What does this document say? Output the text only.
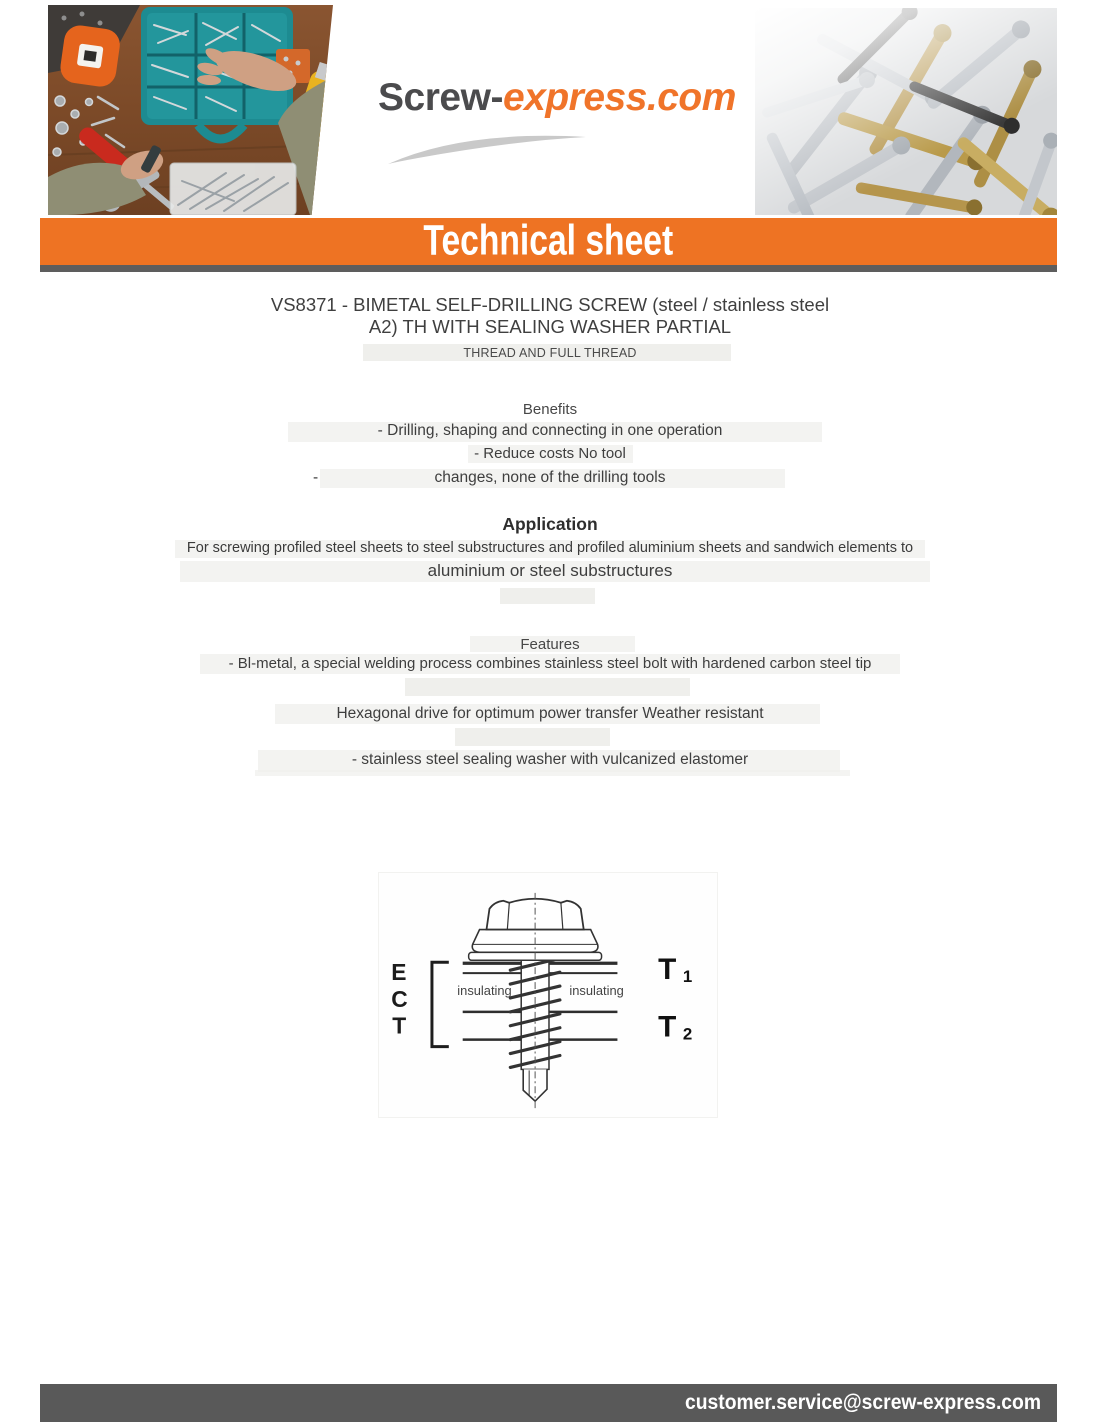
Screw-express.com
Technical sheet
VS8371 - BIMETAL SELF-DRILLING SCREW (steel / stainless steel
A2) TH WITH SEALING WASHER PARTIAL
THREAD AND FULL THREAD
Benefits
- Drilling, shaping and connecting in one operation
- Reduce costs No tool
-	changes, none of the drilling tools
Application
For screwing profiled steel sheets to steel substructures and profiled aluminium sheets and sandwich elements to
aluminium or steel substructures
Features
- Bl-metal, a special welding process combines stainless steel bolt with hardened carbon steel tip
Hexagonal drive for optimum power transfer Weather resistant
- stainless steel sealing washer with vulcanized elastomer
E
C
T
insulating	insulating
T 1
T 2
customer.service@screw-express.com
